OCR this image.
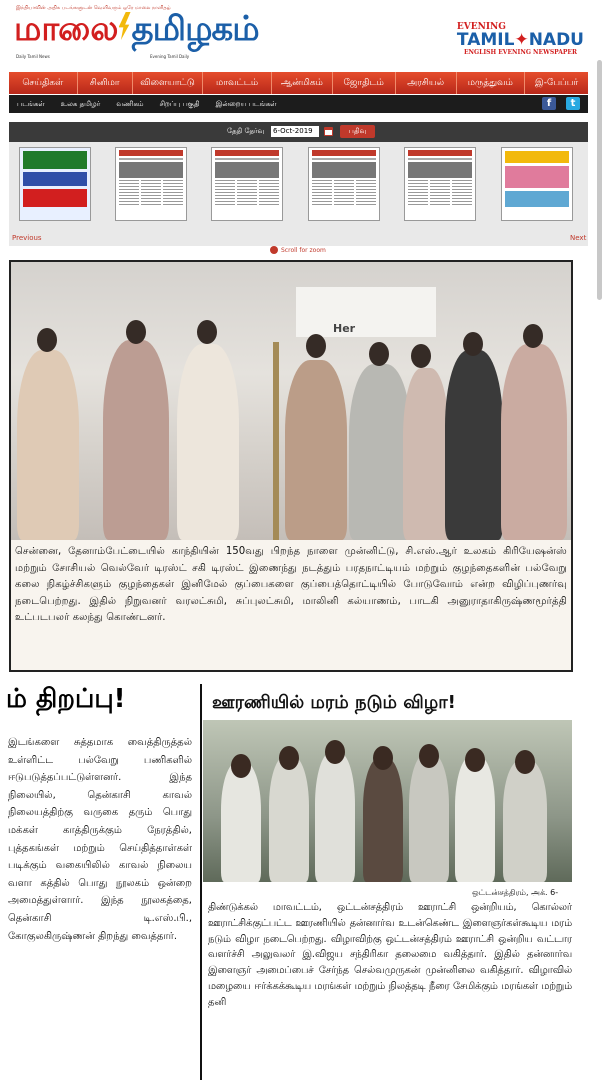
இந்தியாவின் அதிக படங்களுடன் வெளிவரும் ஒரே மாலை நாளிதழ்
மாலை தமிழகம்
Daily Tamil News	Evening Tamil Daily
EVENING
TAMIL✦NADU
ENGLISH EVENING NEWSPAPER
செய்திகள்	சினிமா	விளையாட்டு	மாவட்டம்	ஆன்மிகம்	ஜோதிடம்	அரசியல்	மருத்துவம்	இ-பேப்பர்
படங்கள்	உலக தமிழர்	வணிகம்	சிறப்பு பகுதி	இன்றைய படங்கள்	f	t
தேதி தேர்வு 6-Oct-2019	பதிவு
Previous	Next
Scroll for zoom
Her
சென்னை, தேனாம்பேட்டையில் காந்தியின் 150வது பிறந்த நாளை முன்னிட்டு, சி.எஸ்.ஆர் உலகம் கிரியேஷன்ஸ் மற்றும் சோசியல் வெல்வேர் டிரஸ்ட் சகி டிரஸ்ட் இணைந்து நடத்தும் பரதநாட்டியம் மற்றும் குழந்தைகளின் பல்வேறு கலை நிகழ்ச்சிகளும் குழந்தைகள் இனிமேல் குப்பைகளை குப்பைத்தொட்டியில் போடுவோம் என்ற விழிப்புணர்வு நடைபெற்றது. இதில் நிறுவனர் வரலட்சுமி, சுப்புலட்சுமி, மாலினி கல்யாணம், பாடகி அனுராதாகிருஷ்ணமூர்த்தி உட்படபலர் கலந்து கொண்டனர்.
ம் திறப்பு!
இடங்களை சுத்தமாக வைத்திருத்தல் உள்ளிட்ட பல்வேறு பணிகளில் ஈடுபடுத்தப்பட்டுள்ளனர். இந்த நிலையில், தென்காசி காவல் நிலையத்திற்கு வருகை தரும் பொது மக்கள் காத்திருக்கும் நேரத்தில், புத்தகங்கள் மற்றும் செய்தித்தாள்கள் படிக்கும் வகையிலில் காவல் நிலைய வளா கத்தில் பொது நூலகம் ஒன்றை அமைத்துள்ளார். இந்த நூலகத்தை, தென்காசி டி.எஸ்.பி., கோகுலகிருஷ்ணன் திறந்து வைத்தார்.
ஊரணியில் மரம் நடும் விழா!
ஒட்டன்சத்திரம், அக். 6-
திண்டுக்கல் மாவட்டம், ஒட்டன்சத்திரம் ஊராட்சி ஒன்றியம், கொல்லர் ஊராட்சிக்குட்பட்ட ஊரணியில் தன்னார்வ உடன்கெண்ட இளைஞர்கள்கூடிய மரம் நடும் விழா நடைபெற்றது. விழாவிற்கு ஒட்டன்சத்திரம் ஊராட்சி ஒன்றிய வட்டார வளர்ச்சி அலுவலர் இ.விஜய சந்திரிகா தலைமை வகித்தார். இதில் தன்னார்வ இளைஞர் அமைப்பைச் சேர்ந்த செல்வமுருகன் முன்னிலை வகித்தார். விழாவில் மழையை ஈர்க்கக்கூடிய மரங்கள் மற்றும் நிலத்தடி நீரை சேமிக்கும் மரங்கள் மற்றும் தனி
